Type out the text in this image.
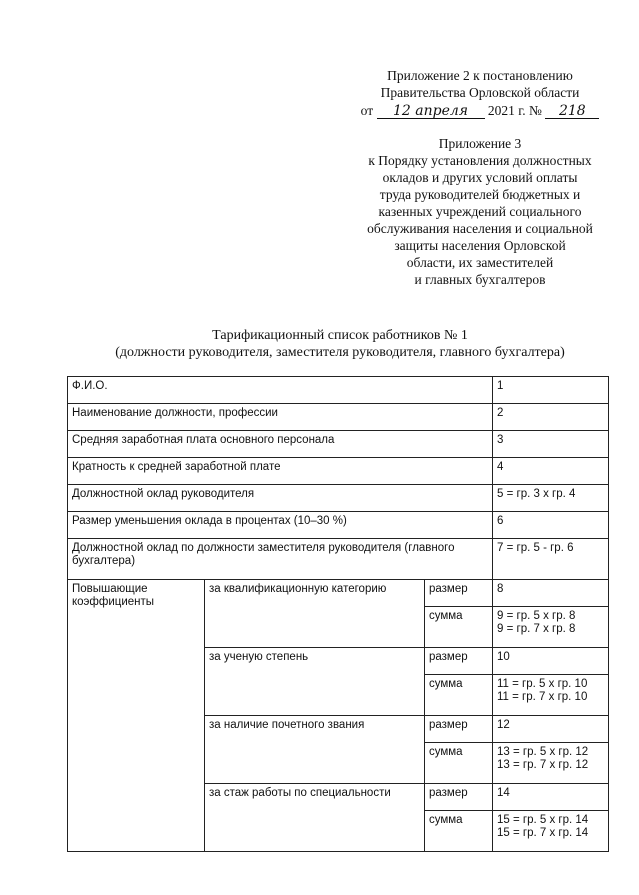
Приложение 2 к постановлению
Правительства Орловской области
от 12 апреля 2021 г. № 218
Приложение 3
к Порядку установления должностных
окладов и других условий оплаты
труда руководителей бюджетных и
казенных учреждений социального
обслуживания населения и социальной
защиты населения Орловской
области, их заместителей
и главных бухгалтеров
Тарификационный список работников № 1
(должности руководителя, заместителя руководителя, главного бухгалтера)
Ф.И.О.			1
Наименование должности, профессии			2
Средняя заработная плата основного персонала			3
Кратность к средней заработной плате			4
Должностной оклад руководителя			5 = гр. 3 х гр. 4
Размер уменьшения оклада в процентах (10–30 %)			6
Должностной оклад по должности заместителя руководителя (главного бухгалтера)			7 = гр. 5 - гр. 6
Повышающие коэффициенты	за квалификационную категорию	размер	8
		сумма	9 = гр. 5 х гр. 8
9 = гр. 7 х гр. 8

	за ученую степень	размер	10
		сумма	11 = гр. 5 х гр. 10
11 = гр. 7 х гр. 10

	за наличие почетного звания	размер	12
		сумма	13 = гр. 5 х гр. 12
13 = гр. 7 х гр. 12

	за стаж работы по специальности	размер	14
		сумма	15 = гр. 5 х гр. 14
15 = гр. 7 х гр. 14
